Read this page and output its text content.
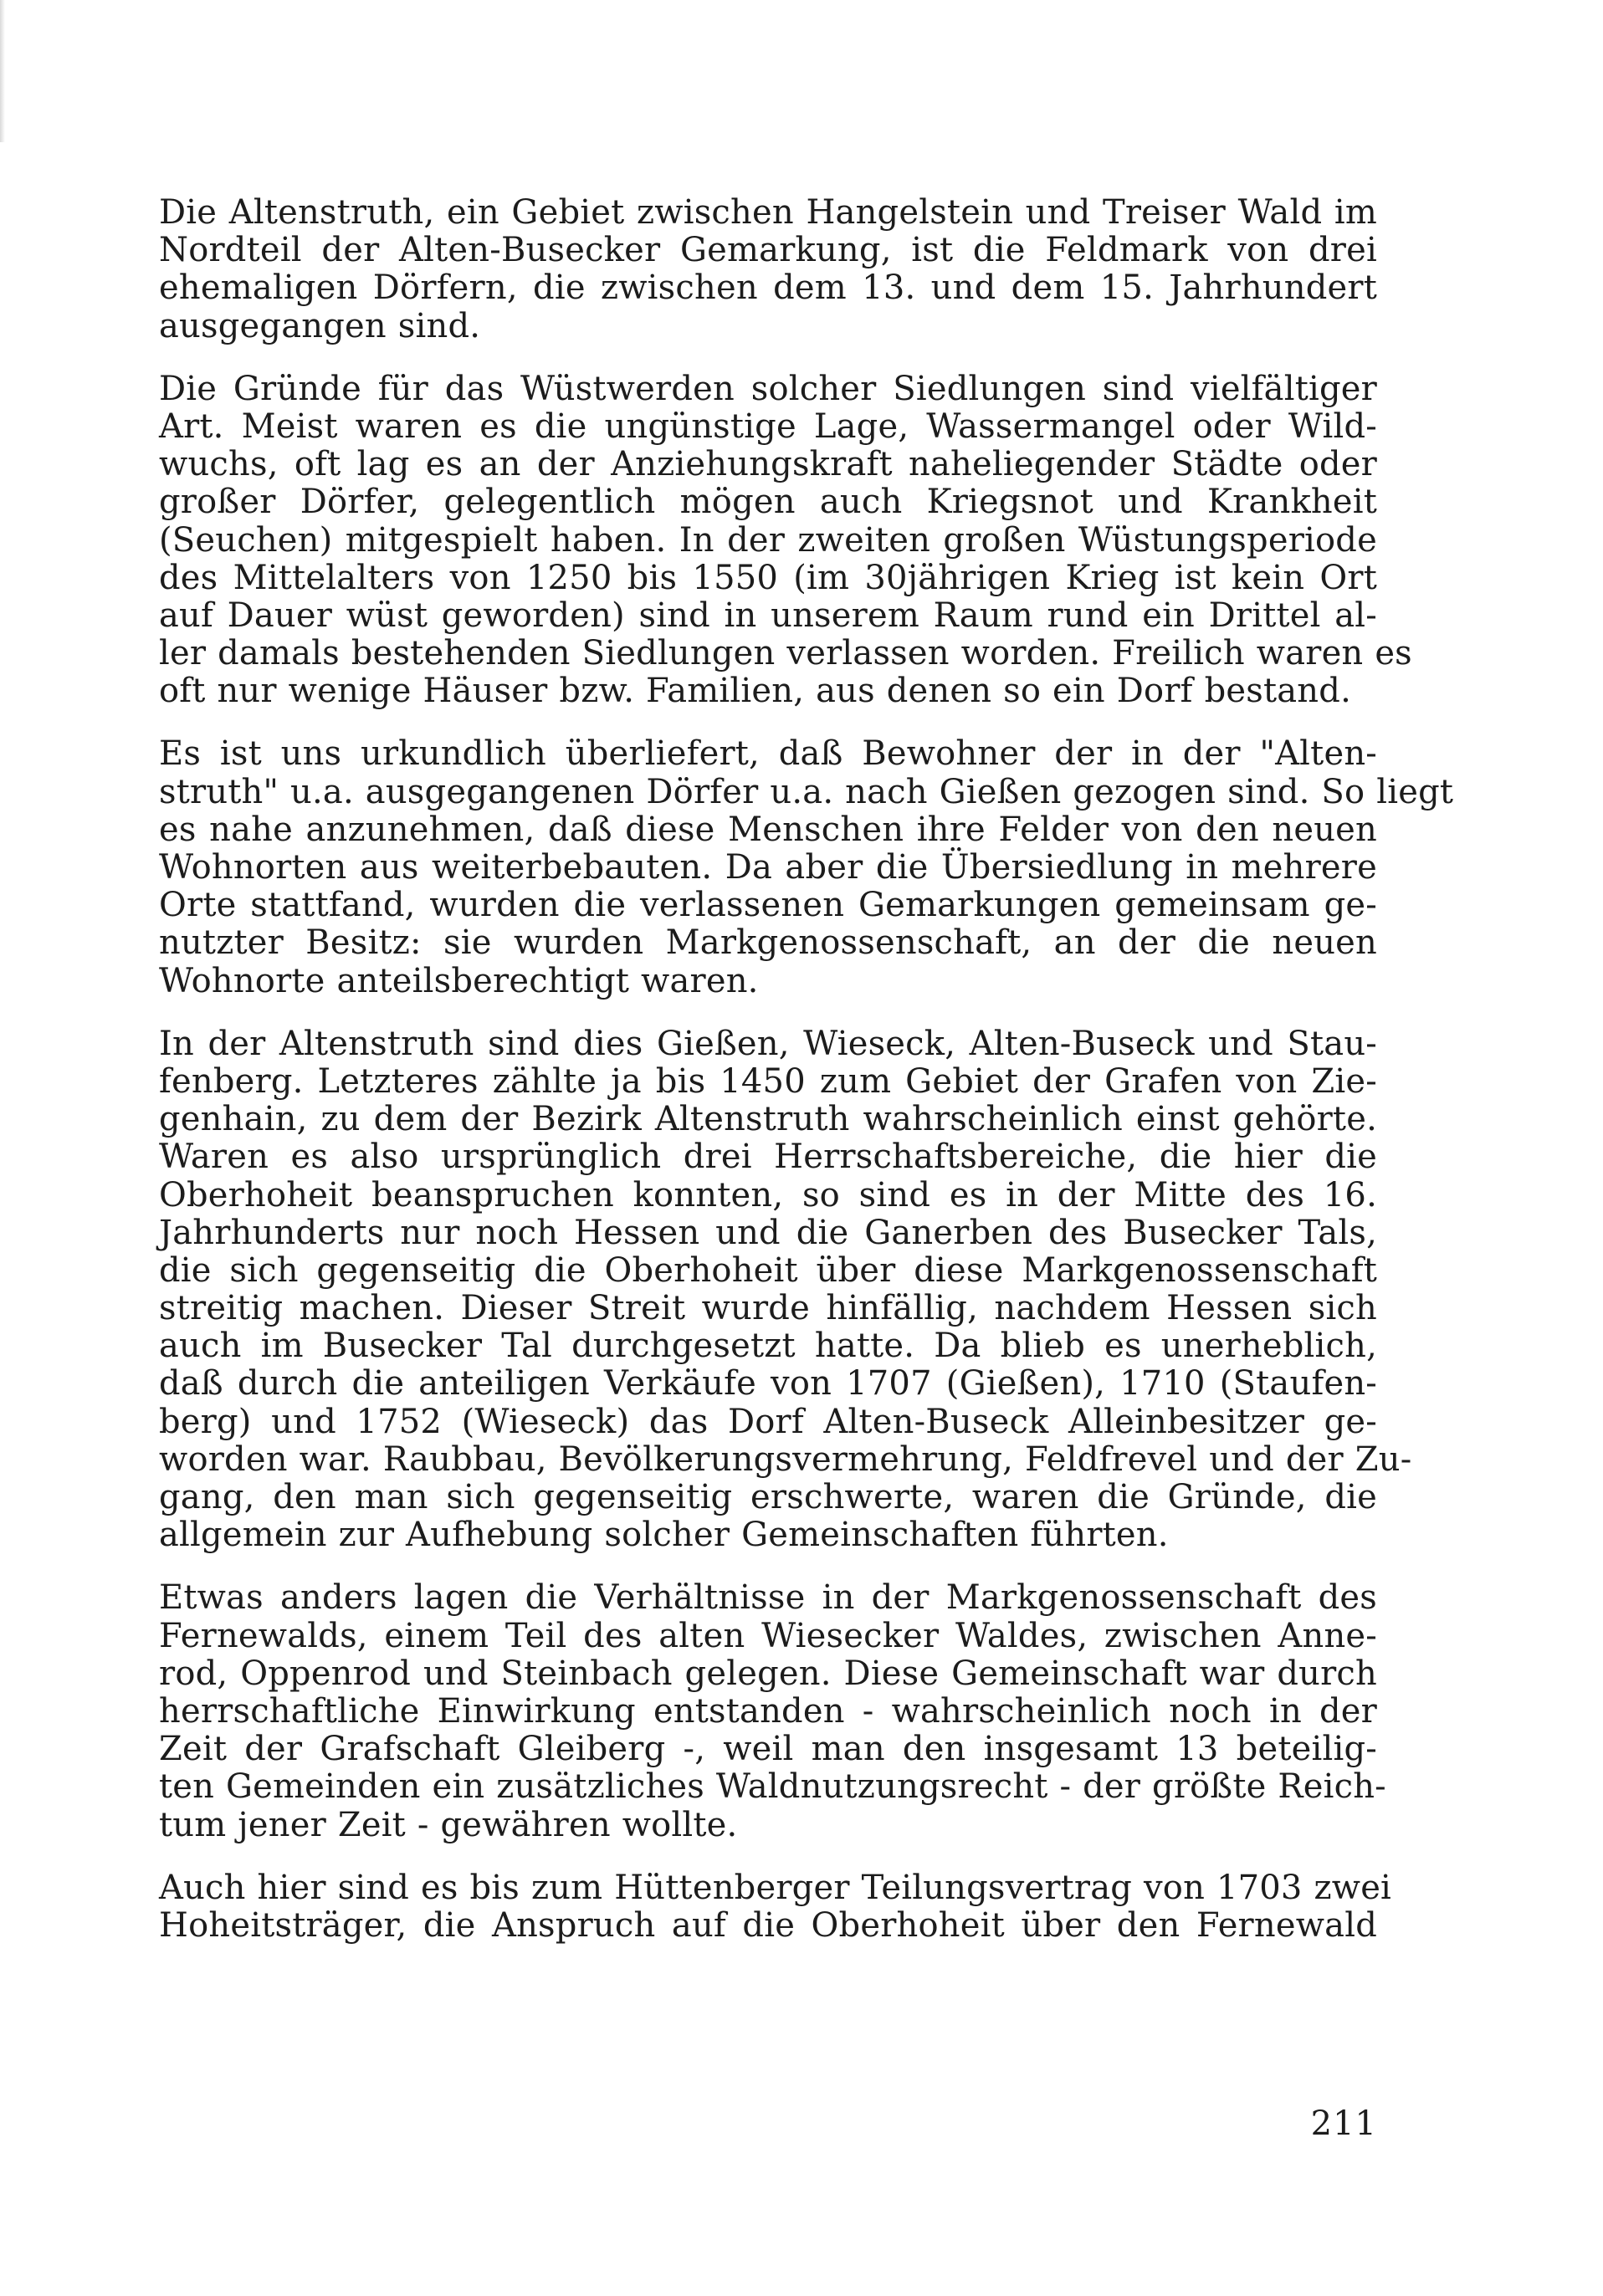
Die Altenstruth, ein Gebiet zwischen Hangelstein und Treiser Wald im
Nordteil der Alten-Busecker Gemarkung, ist die Feldmark von drei
ehemaligen Dörfern, die zwischen dem 13. und dem 15. Jahrhundert
ausgegangen sind.

Die Gründe für das Wüstwerden solcher Siedlungen sind vielfältiger
Art. Meist waren es die ungünstige Lage, Wassermangel oder Wild-
wuchs, oft lag es an der Anziehungskraft naheliegender Städte oder
großer Dörfer, gelegentlich mögen auch Kriegsnot und Krankheit
(Seuchen) mitgespielt haben. In der zweiten großen Wüstungsperiode
des Mittelalters von 1250 bis 1550 (im 30jährigen Krieg ist kein Ort
auf Dauer wüst geworden) sind in unserem Raum rund ein Drittel al-
ler damals bestehenden Siedlungen verlassen worden. Freilich waren es
oft nur wenige Häuser bzw. Familien, aus denen so ein Dorf bestand.

Es ist uns urkundlich überliefert, daß Bewohner der in der "Alten-
struth" u.a. ausgegangenen Dörfer u.a. nach Gießen gezogen sind. So liegt
es nahe anzunehmen, daß diese Menschen ihre Felder von den neuen
Wohnorten aus weiterbebauten. Da aber die Übersiedlung in mehrere
Orte stattfand, wurden die verlassenen Gemarkungen gemeinsam ge-
nutzter Besitz: sie wurden Markgenossenschaft, an der die neuen
Wohnorte anteilsberechtigt waren.

In der Altenstruth sind dies Gießen, Wieseck, Alten-Buseck und Stau-
fenberg. Letzteres zählte ja bis 1450 zum Gebiet der Grafen von Zie-
genhain, zu dem der Bezirk Altenstruth wahrscheinlich einst gehörte.
Waren es also ursprünglich drei Herrschaftsbereiche, die hier die
Oberhoheit beanspruchen konnten, so sind es in der Mitte des 16.
Jahrhunderts nur noch Hessen und die Ganerben des Busecker Tals,
die sich gegenseitig die Oberhoheit über diese Markgenossenschaft
streitig machen. Dieser Streit wurde hinfällig, nachdem Hessen sich
auch im Busecker Tal durchgesetzt hatte. Da blieb es unerheblich,
daß durch die anteiligen Verkäufe von 1707 (Gießen), 1710 (Staufen-
berg) und 1752 (Wieseck) das Dorf Alten-Buseck Alleinbesitzer ge-
worden war. Raubbau, Bevölkerungsvermehrung, Feldfrevel und der Zu-
gang, den man sich gegenseitig erschwerte, waren die Gründe, die
allgemein zur Aufhebung solcher Gemeinschaften führten.

Etwas anders lagen die Verhältnisse in der Markgenossenschaft des
Fernewalds, einem Teil des alten Wiesecker Waldes, zwischen Anne-
rod, Oppenrod und Steinbach gelegen. Diese Gemeinschaft war durch
herrschaftliche Einwirkung entstanden - wahrscheinlich noch in der
Zeit der Grafschaft Gleiberg -, weil man den insgesamt 13 beteilig-
ten Gemeinden ein zusätzliches Waldnutzungsrecht - der größte Reich-
tum jener Zeit - gewähren wollte.

Auch hier sind es bis zum Hüttenberger Teilungsvertrag von 1703 zwei
Hoheitsträger, die Anspruch auf die Oberhoheit über den Fernewald

211
